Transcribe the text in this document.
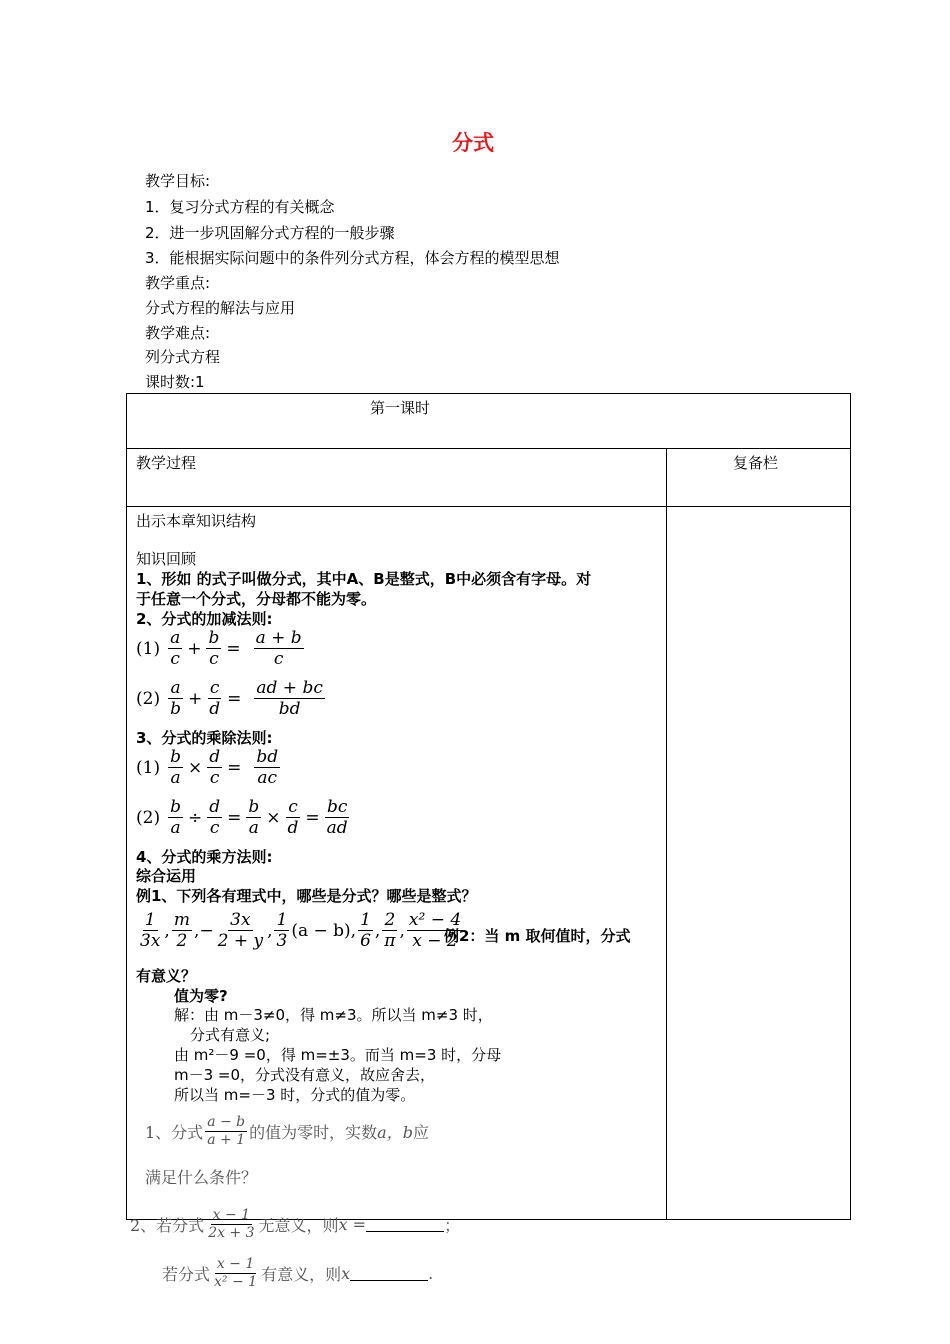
分式
教学目标:
1．复习分式方程的有关概念
2．进一步巩固解分式方程的一般步骤
3．能根据实际问题中的条件列分式方程，体会方程的模型思想
教学重点:
分式方程的解法与应用
教学难点:
列分式方程
课时数:1
第一课时
教学过程	复备栏
出示本章知识结构
知识回顾
1、形如 的式子叫做分式，其中A、B是整式，B中必须含有字母。对
于任意一个分式，分母都不能为零。
2、分式的加减法则:
$(1) \frac{a}{c} + \frac{b}{c} = \frac{a + b}{c}$
$(2) \frac{a}{b} + \frac{c}{d} = \frac{ad + bc}{bd}$
3、分式的乘除法则:
$(1) \frac{b}{a} \times \frac{d}{c} = \frac{bd}{ac}$
$(2) \frac{b}{a} \div \frac{d}{c} = \frac{b}{a} \times \frac{c}{d} = \frac{bc}{ad}$
4、分式的乘方法则:
综合运用
例1、下列各有理式中，哪些是分式？哪些是整式？
$\frac{1}{3x}$ , $\frac{m}{2}$ , − $\frac{3x}{2 + y}$ , $\frac{1}{3} (a - b)$, $\frac{1}{6}$ , $\frac{2}{\pi}$ , $\frac{\text{x² − 4}}{x - 2}$
例2：当 m 取何值时，分式
有意义？
值为零?
解：由 m－3≠0，得 m≠3。所以当 m≠3 时，
分式有意义;
由 m²－9 =0，得 m=±3。而当 m=3 时，分母
m－3 =0，分式没有意义，故应舍去，
所以当 m=－3 时，分式的值为零。
1、分式 $\frac{a - b}{a + 1}$ 的值为零时，实数 a，b 应
满足什么条件？
2、若分式 $\frac{x - 1}{2x + 3}$ 无意义，则 x =	；
若分式 $\frac{x - 1}{\text{x² − 1}}$ 有意义，则 x	.
